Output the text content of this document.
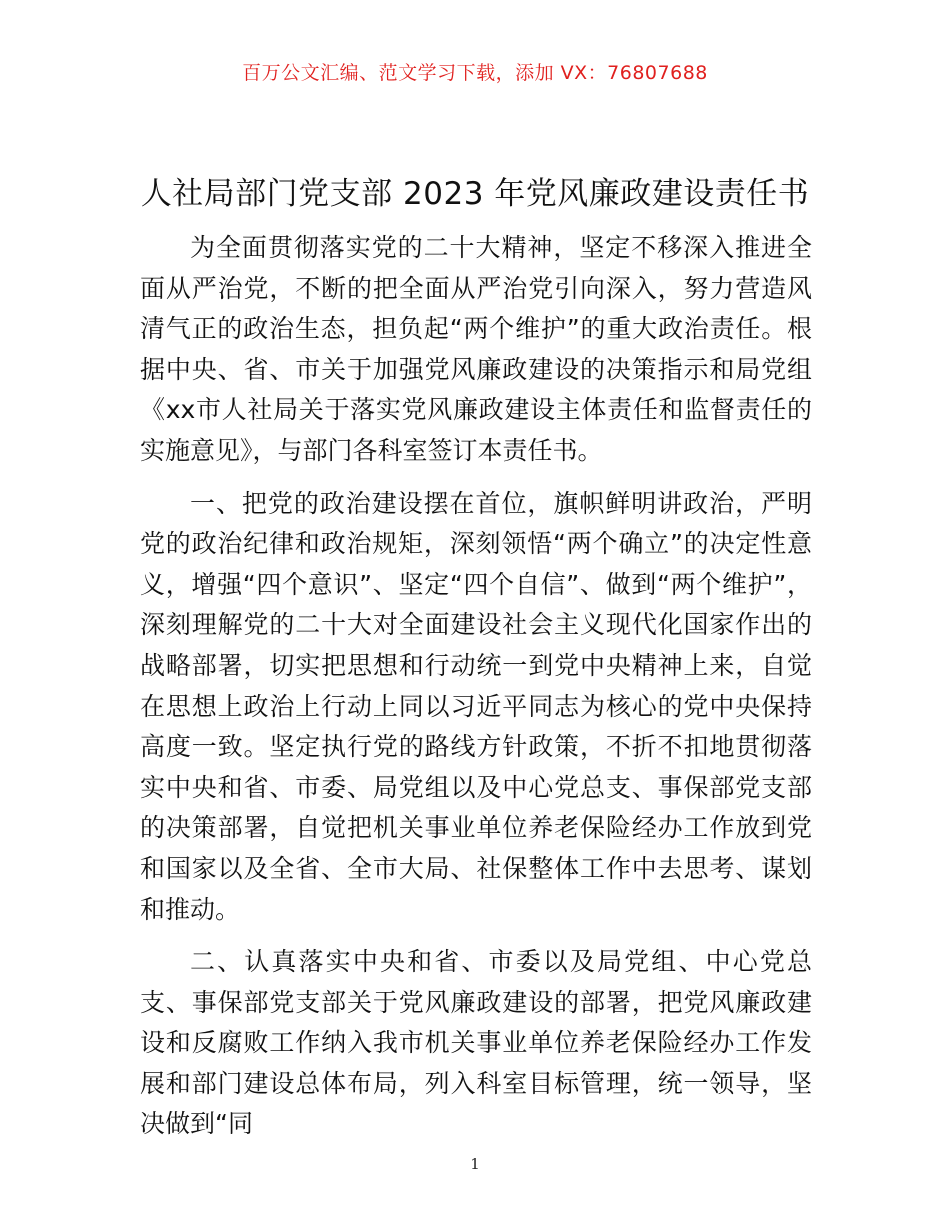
百万公文汇编、范文学习下载，添加 VX：76807688
人社局部门党支部 2023 年党风廉政建设责任书

为全面贯彻落实党的二十大精神，坚定不移深入推进全面从严治党，不断的把全面从严治党引向深入，努力营造风清气正的政治生态，担负起“两个维护”的重大政治责任。根据中央、省、市关于加强党风廉政建设的决策指示和局党组《xx市人社局关于落实党风廉政建设主体责任和监督责任的实施意见》，与部门各科室签订本责任书。

一、把党的政治建设摆在首位，旗帜鲜明讲政治，严明党的政治纪律和政治规矩，深刻领悟“两个确立”的决定性意义，增强“四个意识”、坚定“四个自信”、做到“两个维护”，深刻理解党的二十大对全面建设社会主义现代化国家作出的战略部署，切实把思想和行动统一到党中央精神上来，自觉在思想上政治上行动上同以习近平同志为核心的党中央保持高度一致。坚定执行党的路线方针政策，不折不扣地贯彻落实中央和省、市委、局党组以及中心党总支、事保部党支部的决策部署，自觉把机关事业单位养老保险经办工作放到党和国家以及全省、全市大局、社保整体工作中去思考、谋划和推动。

二、认真落实中央和省、市委以及局党组、中心党总支、事保部党支部关于党风廉政建设的部署，把党风廉政建设和反腐败工作纳入我市机关事业单位养老保险经办工作发展和部门建设总体布局，列入科室目标管理，统一领导，坚决做到“同

1
